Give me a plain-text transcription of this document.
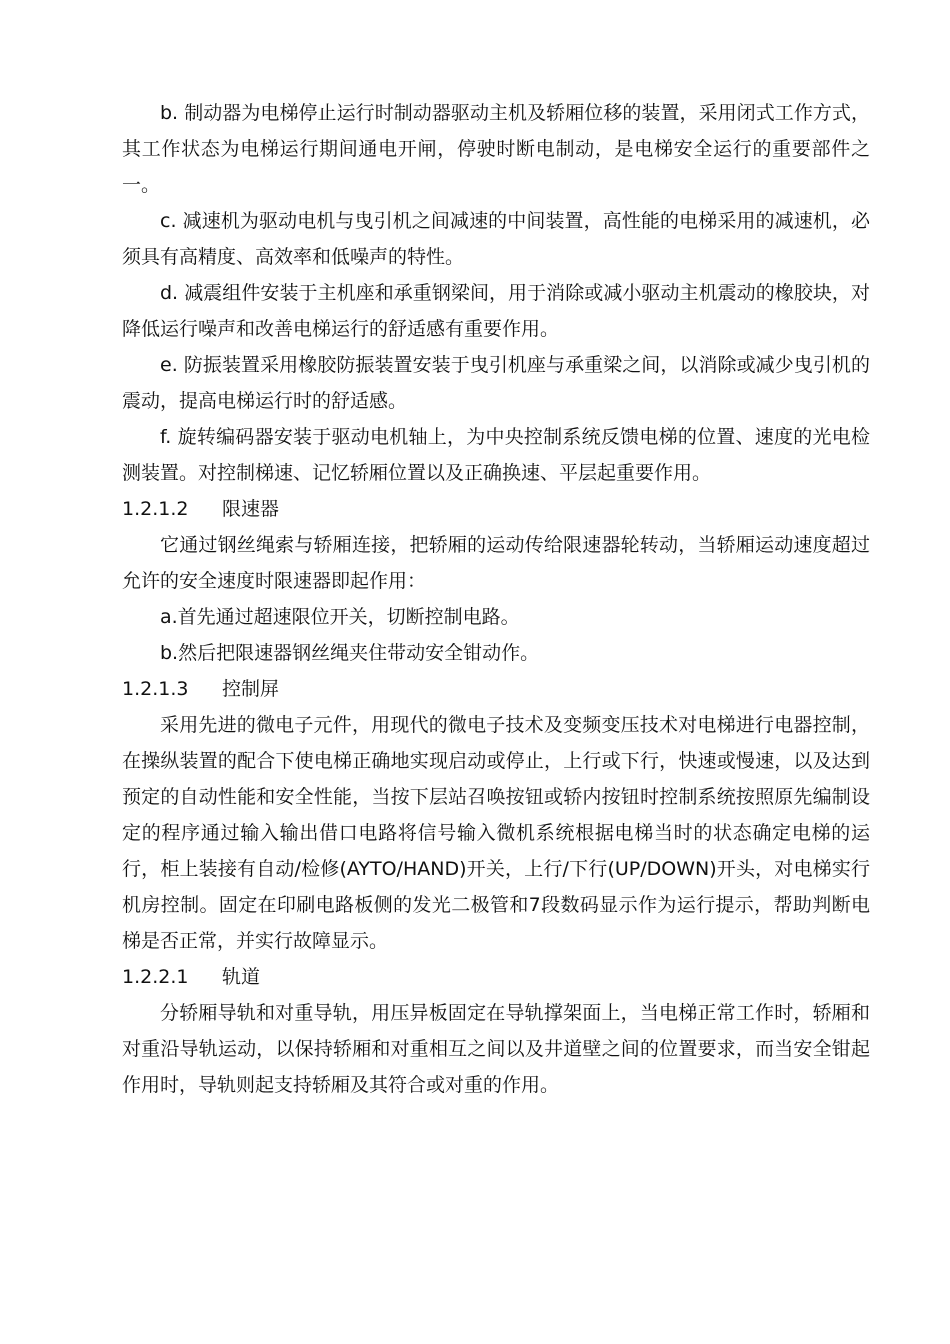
b. 制动器为电梯停止运行时制动器驱动主机及轿厢位移的装置，采用闭式工作方式，其工作状态为电梯运行期间通电开闸，停驶时断电制动，是电梯安全运行的重要部件之一。

c. 减速机为驱动电机与曳引机之间减速的中间装置，高性能的电梯采用的减速机，必须具有高精度、高效率和低噪声的特性。

d. 减震组件安装于主机座和承重钢梁间，用于消除或减小驱动主机震动的橡胶块，对降低运行噪声和改善电梯运行的舒适感有重要作用。

e. 防振装置采用橡胶防振装置安装于曳引机座与承重梁之间，以消除或减少曳引机的震动，提高电梯运行时的舒适感。

f. 旋转编码器安装于驱动电机轴上，为中央控制系统反馈电梯的位置、速度的光电检测装置。对控制梯速、记忆轿厢位置以及正确换速、平层起重要作用。

1.2.1.2 限速器

它通过钢丝绳索与轿厢连接，把轿厢的运动传给限速器轮转动，当轿厢运动速度超过允许的安全速度时限速器即起作用：

a.首先通过超速限位开关，切断控制电路。

b.然后把限速器钢丝绳夹住带动安全钳动作。

1.2.1.3 控制屏

采用先进的微电子元件，用现代的微电子技术及变频变压技术对电梯进行电器控制，在操纵装置的配合下使电梯正确地实现启动或停止，上行或下行，快速或慢速，以及达到预定的自动性能和安全性能，当按下层站召唤按钮或轿内按钮时控制系统按照原先编制设定的程序通过输入输出借口电路将信号输入微机系统根据电梯当时的状态确定电梯的运行，柜上装接有自动/检修(AYTO/HAND)开关，上行/下行(UP/DOWN)开头，对电梯实行机房控制。固定在印刷电路板侧的发光二极管和7段数码显示作为运行提示，帮助判断电梯是否正常，并实行故障显示。

1.2.2.1 轨道

分轿厢导轨和对重导轨，用压异板固定在导轨撑架面上，当电梯正常工作时，轿厢和对重沿导轨运动，以保持轿厢和对重相互之间以及井道壁之间的位置要求，而当安全钳起作用时，导轨则起支持轿厢及其符合或对重的作用。
